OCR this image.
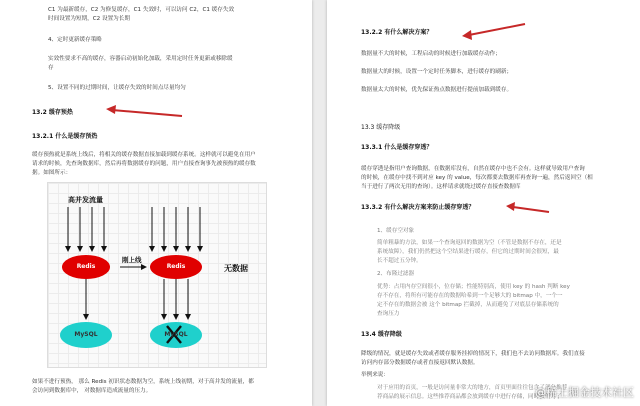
C1 为最新缓存，C2 为修复缓存，C1 失效时，可以访问 C2，C1 缓存失效
时间设置为短期，C2 设置为长期
4、定时更新缓存策略
实效性要求不高的缓存，容器启动初始化加载，采用定时任务更新或移除缓
存
5、设置不同的过期时间，让缓存失效的时间点尽量均匀
13.2 缓存预热
13.2.1 什么是缓存预热
缓存预热就是系统上线后，将相关的缓存数据直接加载到缓存系统。这样就可以避免在用户
请求的时候，先查询数据库，然后再将数据缓存的问题，用户直接查询事先被预热的缓存数
据。如图所示：
高并发流量
Redis	Redis
MySQL	MySQL
刚上线
无数据
如果不进行预热， 那么 Redis 初识状态数据为空，系统上线初期，对于高并发的流量，都
会访问到数据库中， 对数据库造成流量的压力。
13.2.2 有什么解决方案？
数据量不大的时候，工程启动的时候进行加载缓存动作；
数据量大的时候，设置一个定时任务脚本，进行缓存的刷新；
数据量太大的时候，优先保证热点数据进行提前加载到缓存。
13.3 缓存降级
13.3.1 什么是缓存穿透？
缓存穿透是指用户查询数据，在数据库没有，自然在缓存中也不会有。这样就导致用户查询
的时候，在缓存中找不到对应 key 的 value，每次都要去数据库再查询一遍，然后返回空（相
当于进行了两次无用的查询）。这样请求就绕过缓存直接查数据库
13.3.2 有什么解决方案来防止缓存穿透？
1、缓存空对象
简单粗暴的方法，如果一个查询返回的数据为空（不管是数据不存在，还是
系统故障），我们仍然把这个空结果进行缓存，但它的过期时间会很短，最
长不超过五分钟。
2、布隆过滤器
优势：占用内存空间很小，位存储；性能特别高，使用 key 的 hash 判断 key
存不存在，将所有可能存在的数据哈希到一个足够大的 bitmap 中，一个一
定不存在的数据会被 这个 bitmap 拦截掉，从而避免了对底层存储系统的
查询压力
13.4 缓存降级
降级的情况，就是缓存失效或者缓存服务挂掉的情况下，我们也不去访问数据库。我们直接
访问内存部分数据缓存或者直接返回默认数据。
举例来说：
对于应用的首页，一般是访问量非常大的地方，首页里面往往包含了部分推荐
荐商品的展示信息。这些推荐商品都会放到缓存中进行存储，同时我们为了
@稀土掘金技术社区
